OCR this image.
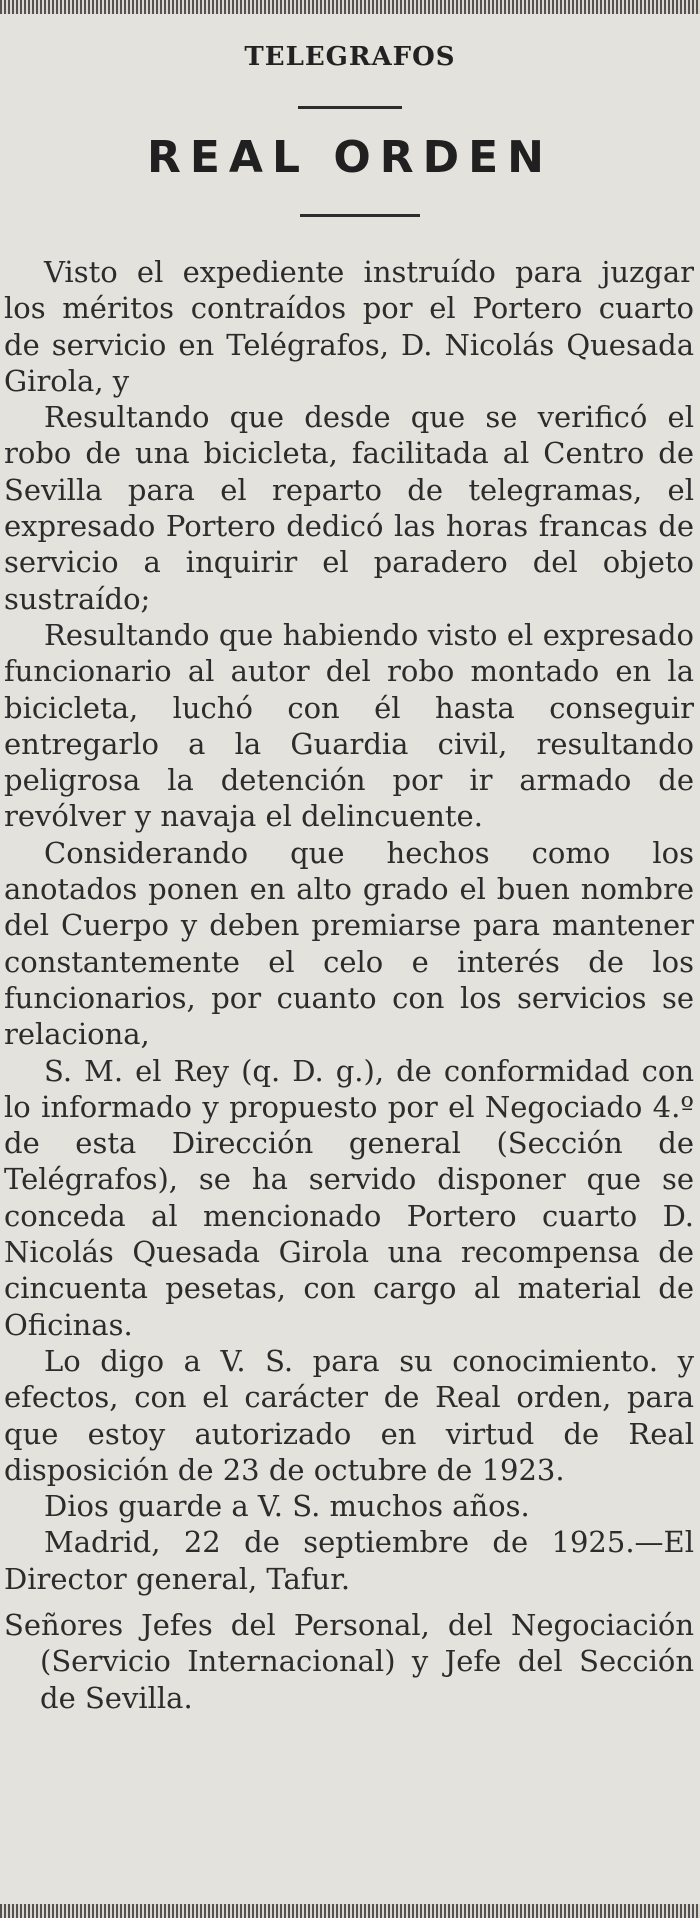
TELEGRAFOS
REAL ORDEN

Visto el expediente instruído para juzgar los méritos contraídos por el Portero cuarto de servicio en Telégrafos, D. Nicolás Quesada Girola, y

Resultando que desde que se verificó el robo de una bicicleta, facilitada al Centro de Sevilla para el reparto de telegramas, el expresado Portero dedicó las horas francas de servicio a inquirir el paradero del objeto sustraído;

Resultando que habiendo visto el expresado funcionario al autor del robo montado en la bicicleta, luchó con él hasta conseguir entregarlo a la Guardia civil, resultando peligrosa la detención por ir armado de revólver y navaja el delincuente.

Considerando que hechos como los anotados ponen en alto grado el buen nombre del Cuerpo y deben premiarse para mantener constantemente el celo e interés de los funcionarios, por cuanto con los servicios se relaciona,

S. M. el Rey (q. D. g.), de conformidad con lo informado y propuesto por el Negociado 4.º de esta Dirección general (Sección de Telégrafos), se ha servido disponer que se conceda al mencionado Portero cuarto D. Nicolás Quesada Girola una recompensa de cincuenta pesetas, con cargo al material de Oficinas.

Lo digo a V. S. para su conocimiento. y efectos, con el carácter de Real orden, para que estoy autorizado en virtud de Real disposición de 23 de octubre de 1923.

Dios guarde a V. S. muchos años.

Madrid, 22 de septiembre de 1925.—El Director general, Tafur.

Señores Jefes del Personal, del Negociación (Servicio Internacional) y Jefe del Sección de Sevilla.
